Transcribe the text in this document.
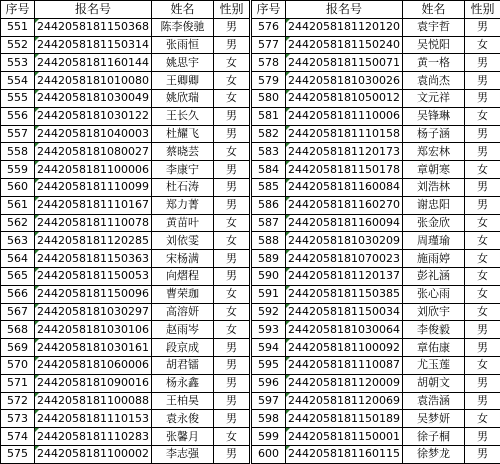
序号	报名号	姓名	性别
551	2442058181150368	陈李俊驰	男
552	2442058181150314	张雨恒	男
553	2442058181160144	姚思宇	女
554	2442058181010080	王卿卿	女
555	2442058181030049	姚欣瑞	女
556	2442058181030122	王长久	男
557	2442058181040003	杜耀飞	男
558	2442058181080027	蔡晓芸	女
559	2442058181100006	李康宁	男
560	2442058181110099	杜石涛	男
561	2442058181110167	郑力菁	男
562	2442058181110078	黄苗叶	女
563	2442058181120285	刘依雯	女
564	2442058181150363	宋杨满	男
565	2442058181150053	向熠程	男
566	2442058181150096	曹荣珈	女
567	2442058181030297	高溶妍	女
568	2442058181030106	赵雨岑	女
569	2442058181030161	段京成	男
570	2442058181060006	胡君镭	男
571	2442058181090016	杨永鑫	男
572	2442058181100088	王柏昊	男
573	2442058181110153	袁永俊	男
574	2442058181110283	张馨月	女
575	2442058181100002	李志强	男
序号	报名号	姓名	性别
576	2442058181120120	袁宇哲	男
577	2442058181150240	吴悦阳	女
578	2442058181150071	黄一格	男
579	2442058181030026	袁尚杰	男
580	2442058181050012	文元祥	男
581	2442058181110006	吴锋琳	女
582	2442058181110158	杨子涵	男
583	2442058181120173	郑宏林	男
584	2442058181150178	章朝寒	女
585	2442058181160084	刘浩林	男
586	2442058181160270	谢忠阳	男
587	2442058181160094	张金欣	女
588	2442058181030209	周瑾瑜	女
589	2442058181070023	施雨婷	女
590	2442058181120137	彭礼涵	女
591	2442058181150385	张心雨	女
592	2442058181150034	刘欣宇	女
593	2442058181030064	李俊毅	男
594	2442058181100092	章佑康	男
595	2442058181110087	尤玉莲	女
596	2442058181120009	胡朝文	男
597	2442058181120069	袁浩涵	男
598	2442058181150189	吴梦妍	女
599	2442058181150001	徐子桐	男
600	2442058181160115	徐梦龙	男
